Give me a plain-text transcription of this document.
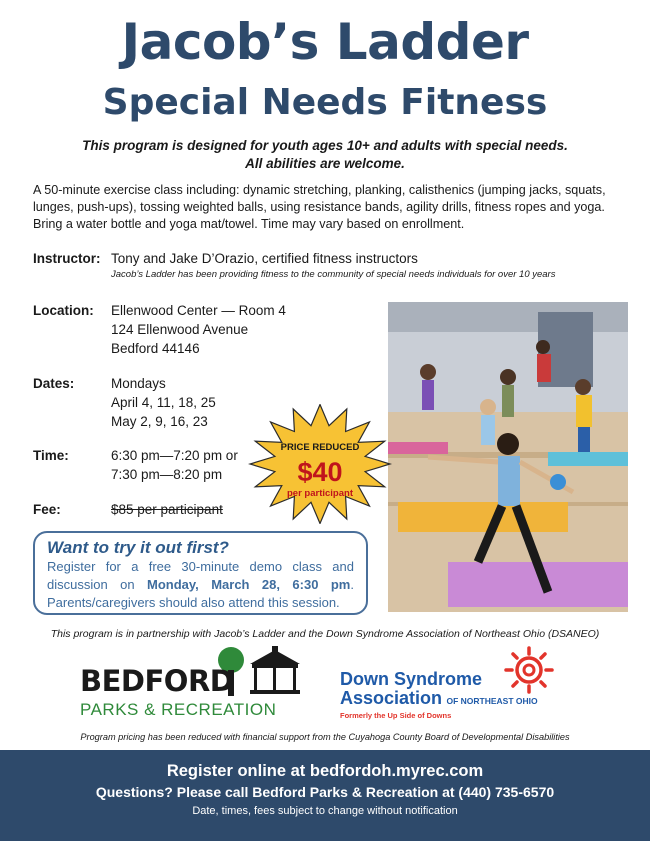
Jacob’s Ladder
Special Needs Fitness
This program is designed for youth ages 10+ and adults with special needs.
All abilities are welcome.
A 50-minute exercise class including: dynamic stretching, planking, calisthenics (jumping jacks, squats, lunges, push-ups), tossing weighted balls, using resistance bands, agility drills, fitness ropes and yoga. Bring a water bottle and yoga mat/towel. Time may vary based on enrollment.
Instructor: Tony and Jake D’Orazio, certified fitness instructors
Jacob’s Ladder has been providing fitness to the community of special needs individuals for over 10 years
Location: Ellenwood Center — Room 4
124 Ellenwood Avenue
Bedford 44146
Dates:	Mondays
April 4, 11, 18, 25
May 2, 9, 16, 23
Time:	6:30 pm—7:20 pm or
7:30 pm—8:20 pm
Fee:	$85 per participant
PRICE REDUCED
$40
per participant
Want to try it out first?
Register for a free 30-minute demo class and discussion on Monday, March 28, 6:30 pm. Parents/caregivers should also attend this session.
This program is in partnership with Jacob’s Ladder and the Down Syndrome Association of Northeast Ohio (DSANEO)
BEDFORD
PARKS & RECREATION
Down Syndrome
Association OF NORTHEAST OHIO
Formerly the Up Side of Downs
Program pricing has been reduced with financial support from the Cuyahoga County Board of Developmental Disabilities
Register online at bedfordoh.myrec.com
Questions? Please call Bedford Parks & Recreation at (440) 735-6570
Date, times, fees subject to change without notification
